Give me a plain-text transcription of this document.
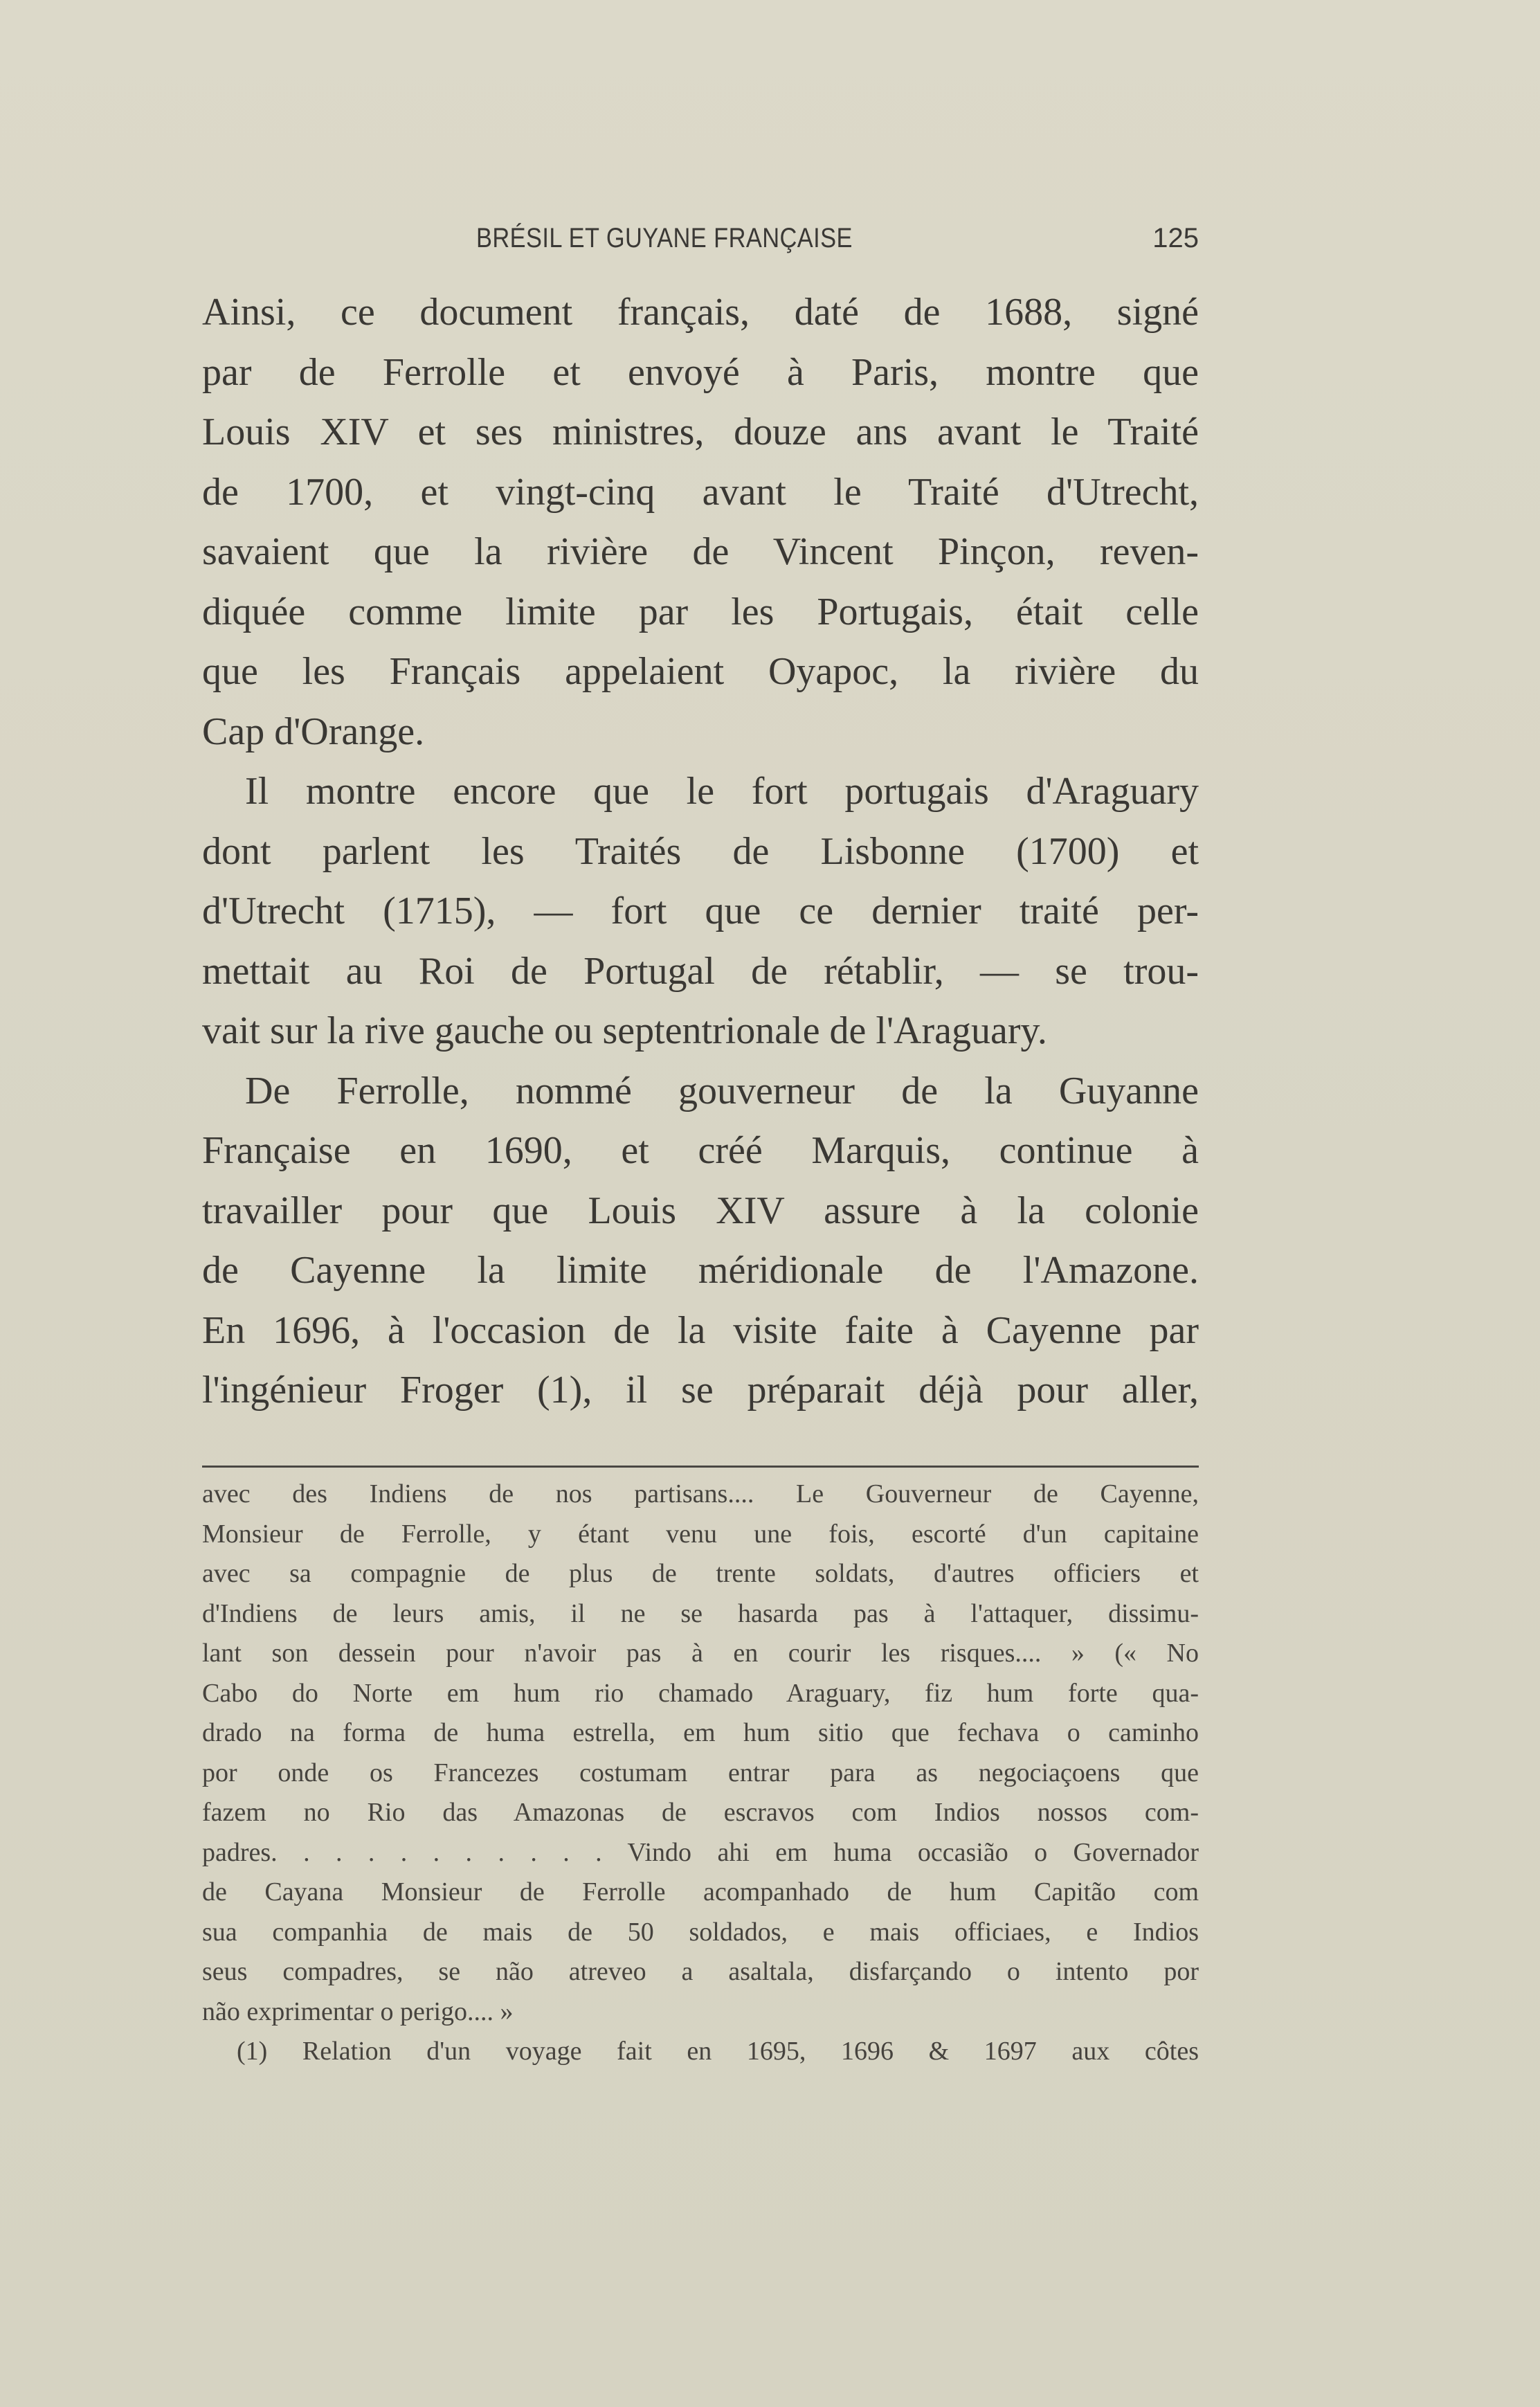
BRÉSIL ET GUYANE FRANÇAISE	125
Ainsi, ce document français, daté de 1688, signé
par de Ferrolle et envoyé à Paris, montre que
Louis XIV et ses ministres, douze ans avant le Traité
de 1700, et vingt-cinq avant le Traité d'Utrecht,
savaient que la rivière de Vincent Pinçon, reven-
diquée comme limite par les Portugais, était celle
que les Français appelaient Oyapoc, la rivière du
Cap d'Orange.
Il montre encore que le fort portugais d'Araguary
dont parlent les Traités de Lisbonne (1700) et
d'Utrecht (1715), — fort que ce dernier traité per-
mettait au Roi de Portugal de rétablir, — se trou-
vait sur la rive gauche ou septentrionale de l'Araguary.
De Ferrolle, nommé gouverneur de la Guyanne
Française en 1690, et créé Marquis, continue à
travailler pour que Louis XIV assure à la colonie
de Cayenne la limite méridionale de l'Amazone.
En 1696, à l'occasion de la visite faite à Cayenne par
l'ingénieur Froger (1), il se préparait déjà pour aller,
avec des Indiens de nos partisans.... Le Gouverneur de Cayenne,
Monsieur de Ferrolle, y étant venu une fois, escorté d'un capitaine
avec sa compagnie de plus de trente soldats, d'autres officiers et
d'Indiens de leurs amis, il ne se hasarda pas à l'attaquer, dissimu-
lant son dessein pour n'avoir pas à en courir les risques.... » (« No
Cabo do Norte em hum rio chamado Araguary, fiz hum forte qua-
drado na forma de huma estrella, em hum sitio que fechava o caminho
por onde os Francezes costumam entrar para as negociaçoens que
fazem no Rio das Amazonas de escravos com Indios nossos com-
padres. . . . . . . . . . . Vindo ahi em huma occasião o Governador
de Cayana Monsieur de Ferrolle acompanhado de hum Capitão com
sua companhia de mais de 50 soldados, e mais officiaes, e Indios
seus compadres, se não atreveo a asaltala, disfarçando o intento por
não exprimentar o perigo.... »
(1) Relation d'un voyage fait en 1695, 1696 & 1697 aux côtes
